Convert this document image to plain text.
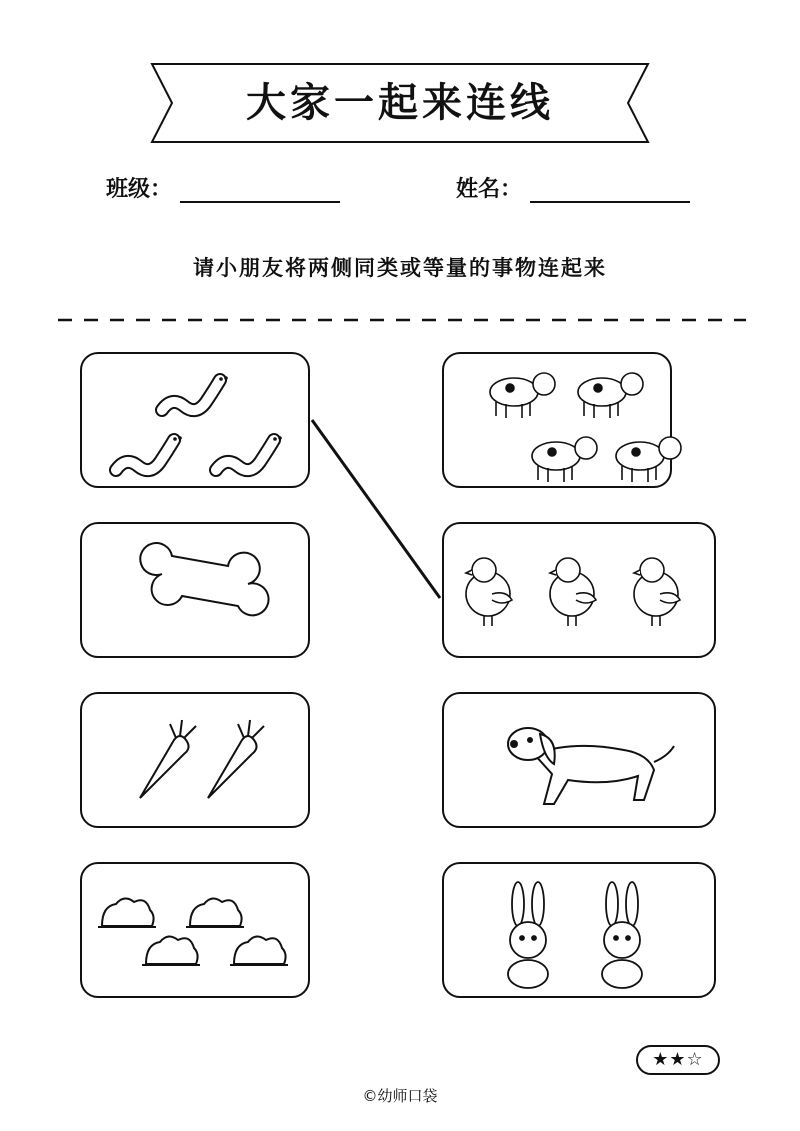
大家一起来连线
班级：	姓名：
请小朋友将两侧同类或等量的事物连起来
★★☆
©幼师口袋
